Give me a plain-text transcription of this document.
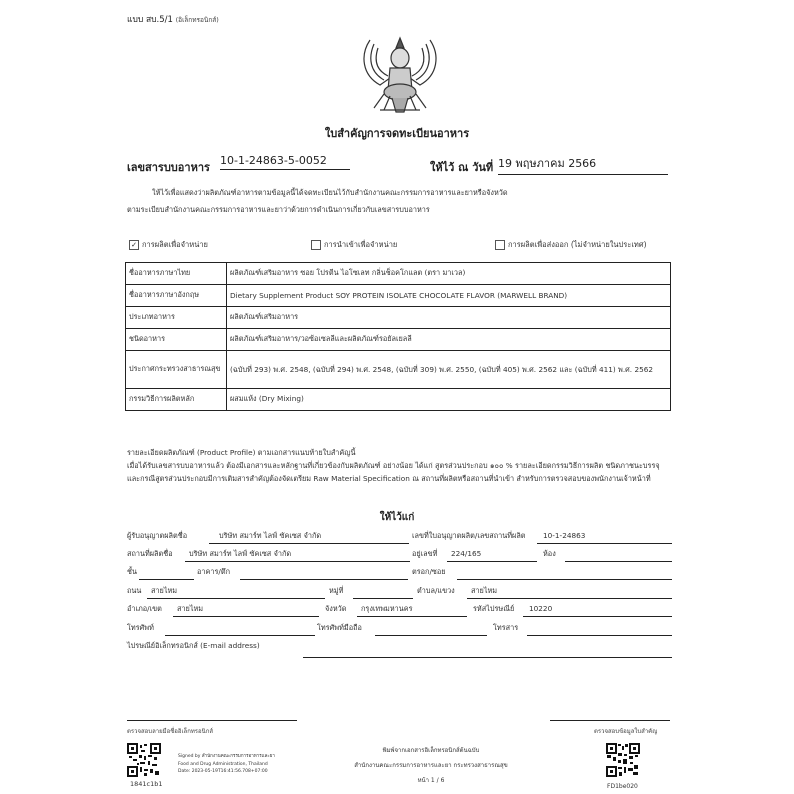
แบบ สบ.5/1 (อิเล็กทรอนิกส์)
ใบสำคัญการจดทะเบียนอาหาร
เลขสารบบอาหาร
10-1-24863-5-0052
ให้ไว้ ณ วันที่ 19 พฤษภาคม 2566
ให้ไว้เพื่อแสดงว่าผลิตภัณฑ์อาหารตามข้อมูลนี้ได้จดทะเบียนไว้กับสำนักงานคณะกรรมการอาหารและยาหรือจังหวัด
ตามระเบียบสำนักงานคณะกรรมการอาหารและยาว่าด้วยการดำเนินการเกี่ยวกับเลขสารบบอาหาร
✓ การผลิตเพื่อจำหน่าย	การนำเข้าเพื่อจำหน่าย	การผลิตเพื่อส่งออก (ไม่จำหน่ายในประเทศ)
ชื่ออาหารภาษาไทย	ผลิตภัณฑ์เสริมอาหาร ซอย โปรตีน ไอโซเลท กลิ่นช็อคโกแลต (ตรา มาเวล)
ชื่ออาหารภาษาอังกฤษ	Dietary Supplement Product SOY PROTEIN ISOLATE CHOCOLATE FLAVOR (MARWELL BRAND)
ประเภทอาหาร	ผลิตภัณฑ์เสริมอาหาร
ชนิดอาหาร	ผลิตภัณฑ์เสริมอาหาร/วอซ้อเซลลีและผลิตภัณฑ์รอยัลเยลลี
ประกาศกระทรวงสาธารณสุข	(ฉบับที่ 293) พ.ศ. 2548, (ฉบับที่ 294) พ.ศ. 2548, (ฉบับที่ 309) พ.ศ. 2550, (ฉบับที่ 405) พ.ศ. 2562 และ (ฉบับที่ 411) พ.ศ. 2562
กรรมวิธีการผลิตหลัก	ผสมแห้ง (Dry Mixing)
รายละเอียดผลิตภัณฑ์ (Product Profile) ตามเอกสารแนบท้ายใบสำคัญนี้
เมื่อได้รับเลขสารบบอาหารแล้ว ต้องมีเอกสารและหลักฐานที่เกี่ยวข้องกับผลิตภัณฑ์ อย่างน้อย ได้แก่ สูตรส่วนประกอบ ๑๐๐ % รายละเอียดกรรมวิธีการผลิต ชนิดภาชนะบรรจุ และกรณีสูตรส่วนประกอบมีการเติมสารสำคัญต้องจัดเตรียม Raw Material Specification ณ สถานที่ผลิตหรือสถานที่นำเข้า สำหรับการตรวจสอบของพนักงานเจ้าหน้าที่
ให้ไว้แก่
ผู้รับอนุญาตผลิตชื่อ	บริษัท สมาร์ท ไลฟ์ ซัคเซส จำกัด	เลขที่ใบอนุญาตผลิต/เลขสถานที่ผลิต 10-1-24863
สถานที่ผลิตชื่อ บริษัท สมาร์ท ไลฟ์ ซัคเซส จำกัด	อยู่เลขที่ 224/165	ห้อง
ชั้น	อาคาร/ตึก	ตรอก/ซอย
ถนน สายไหม	หมู่ที่	ตำบล/แขวง สายไหม
อำเภอ/เขต สายไหม	จังหวัด กรุงเทพมหานคร	รหัสไปรษณีย์ 10220
โทรศัพท์	โทรศัพท์มือถือ	โทรสาร
ไปรษณีย์อิเล็กทรอนิกส์ (E-mail address)
ตรวจสอบลายมือชื่ออิเล็กทรอนิกส์	ตรวจสอบข้อมูลใบสำคัญ
1841c1b1
Signed by สำนักงานคณะกรรมการอาหารและยา
Food and Drug Administration, Thailand
Date: 2023-05-19T16:41:56.708+07:00
พิมพ์จากเอกสารอิเล็กทรอนิกส์ต้นฉบับ
สำนักงานคณะกรรมการอาหารและยา กระทรวงสาธารณสุข
หน้า 1 / 6
FD1be020
